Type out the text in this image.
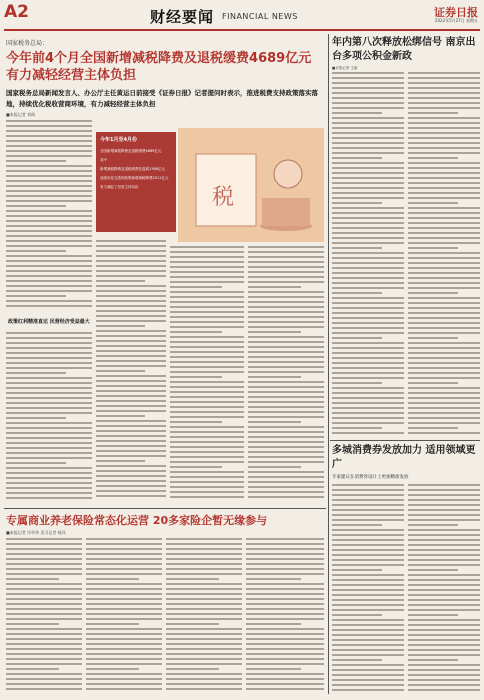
A2	财经要闻 FINANCIAL NEWS	证券日报
2022年5月27日 星期五
国家税务总局：
今年前4个月全国新增减税降费及退税缓费4689亿元 有力减轻经营主体负担
国家税务总局新闻发言人、办公厅主任黄运日前接受《证券日报》记者提问时表示，推进税费支持政策落实落地，持续优化税收营商环境，有力减轻经营主体负担
■本报记者 刘萌
今年1月至4月份
全国新增减税降费及退税缓费4689亿元
其中
新增减税降费及退税缓费及退税1368亿元
延续优化完善的政策新增减税降费2011亿元
有力减轻了经营主体负担	税
年内第八次释放松绑信号 南京出台多项公积金新政
■本报记者 王丽
政策红利精准直达 民营经济受益最大
多城消费券发放加力 适用领域更广
专家建议在消费券设计上更加精准发放
专属商业养老保险常态化运营 20多家险企暂无缘参与
■本报记者 冷翠华 见习记者 杨洋
